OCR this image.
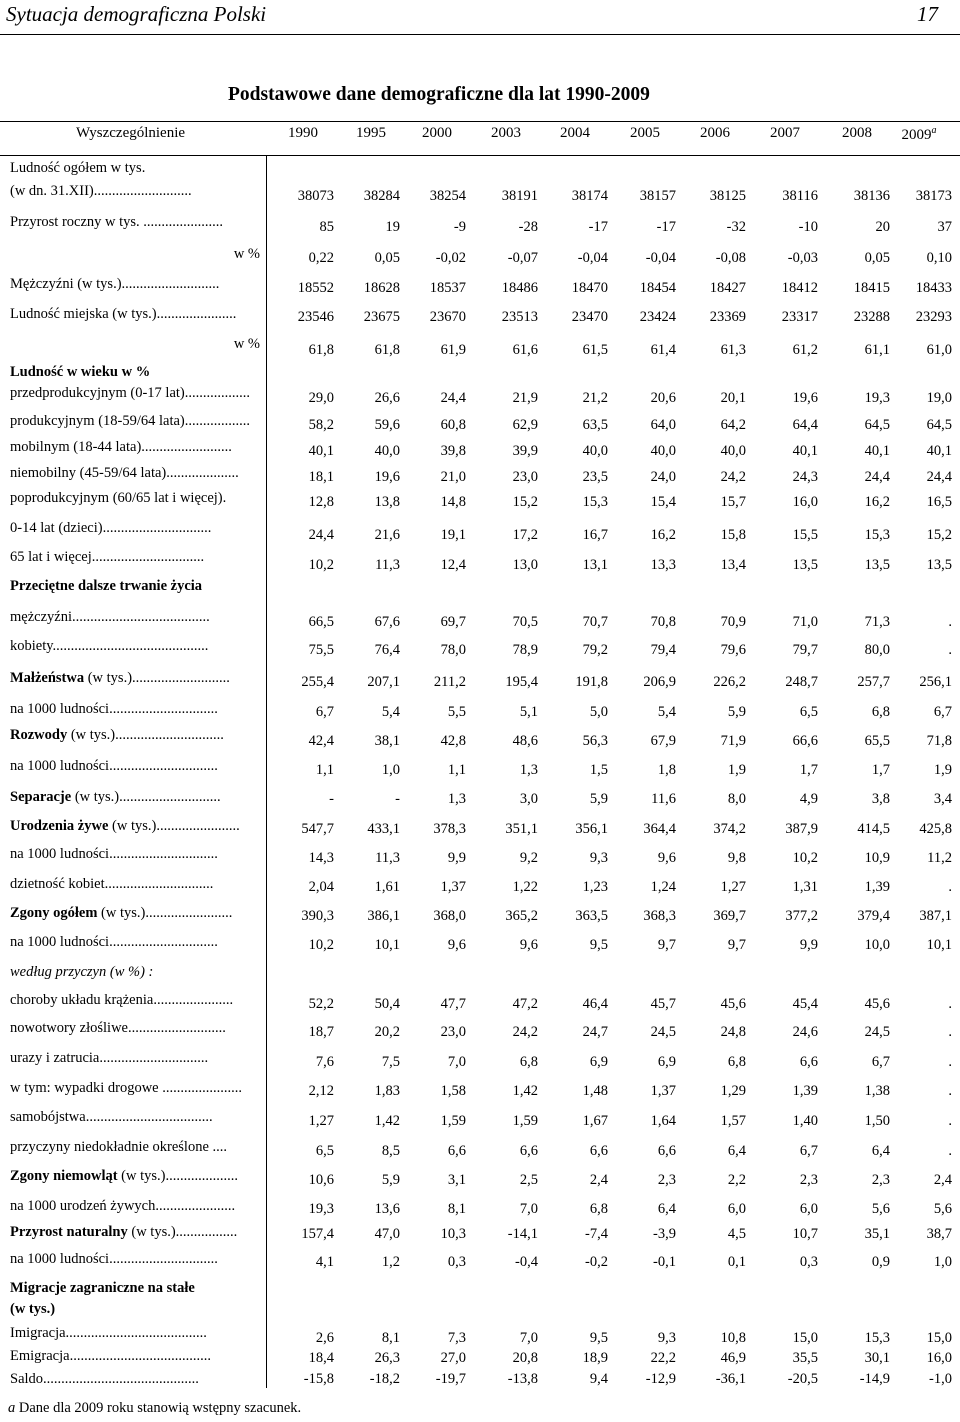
Sytuacja demograficzna Polski	17
Podstawowe dane demograficzne dla lat 1990-2009
Wyszczególnienie	1990	1995	2000	2003	2004	2005	2006	2007	2008	2009$^a$
Ludność ogółem w tys.
(w dn. 31.XII)...........................	38073	38284	38254	38191	38174	38157	38125	38116	38136	38173
Przyrost roczny w tys. ......................	85	19	-9	-28	-17	-17	-32	-10	20	37
w %	0,22	0,05	-0,02	-0,07	-0,04	-0,04	-0,08	-0,03	0,05	0,10
Mężczyźni (w tys.)...........................	18552	18628	18537	18486	18470	18454	18427	18412	18415	18433
Ludność miejska (w tys.)......................	23546	23675	23670	23513	23470	23424	23369	23317	23288	23293
w %	61,8	61,8	61,9	61,6	61,5	61,4	61,3	61,2	61,1	61,0
Ludność w wieku w %
przedprodukcyjnym (0-17 lat)..................	29,0	26,6	24,4	21,9	21,2	20,6	20,1	19,6	19,3	19,0
produkcyjnym (18-59/64 lata)..................	58,2	59,6	60,8	62,9	63,5	64,0	64,2	64,4	64,5	64,5
mobilnym (18-44 lata).........................	40,1	40,0	39,8	39,9	40,0	40,0	40,0	40,1	40,1	40,1
niemobilny (45-59/64 lata)....................	18,1	19,6	21,0	23,0	23,5	24,0	24,2	24,3	24,4	24,4
poprodukcyjnym (60/65 lat i więcej).	12,8	13,8	14,8	15,2	15,3	15,4	15,7	16,0	16,2	16,5
0-14 lat (dzieci)..............................	24,4	21,6	19,1	17,2	16,7	16,2	15,8	15,5	15,3	15,2
65 lat i więcej...............................	10,2	11,3	12,4	13,0	13,1	13,3	13,4	13,5	13,5	13,5
Przeciętne dalsze trwanie życia
mężczyźni......................................	66,5	67,6	69,7	70,5	70,7	70,8	70,9	71,0	71,3	.
kobiety...........................................	75,5	76,4	78,0	78,9	79,2	79,4	79,6	79,7	80,0	.
Małżeństwa (w tys.)...........................	255,4	207,1	211,2	195,4	191,8	206,9	226,2	248,7	257,7	256,1
na 1000 ludności..............................	6,7	5,4	5,5	5,1	5,0	5,4	5,9	6,5	6,8	6,7
Rozwody (w tys.)..............................	42,4	38,1	42,8	48,6	56,3	67,9	71,9	66,6	65,5	71,8
na 1000 ludności..............................	1,1	1,0	1,1	1,3	1,5	1,8	1,9	1,7	1,7	1,9
Separacje (w tys.)............................	-	-	1,3	3,0	5,9	11,6	8,0	4,9	3,8	3,4
Urodzenia żywe (w tys.).......................	547,7	433,1	378,3	351,1	356,1	364,4	374,2	387,9	414,5	425,8
na 1000 ludności..............................	14,3	11,3	9,9	9,2	9,3	9,6	9,8	10,2	10,9	11,2
dzietność kobiet..............................	2,04	1,61	1,37	1,22	1,23	1,24	1,27	1,31	1,39	.
Zgony ogółem (w tys.)........................	390,3	386,1	368,0	365,2	363,5	368,3	369,7	377,2	379,4	387,1
na 1000 ludności..............................	10,2	10,1	9,6	9,6	9,5	9,7	9,7	9,9	10,0	10,1
według przyczyn (w %) :
choroby układu krążenia......................	52,2	50,4	47,7	47,2	46,4	45,7	45,6	45,4	45,6	.
nowotwory złośliwe...........................	18,7	20,2	23,0	24,2	24,7	24,5	24,8	24,6	24,5	.
urazy i zatrucia..............................	7,6	7,5	7,0	6,8	6,9	6,9	6,8	6,6	6,7	.
w tym: wypadki drogowe ......................	2,12	1,83	1,58	1,42	1,48	1,37	1,29	1,39	1,38	.
samobójstwa...................................	1,27	1,42	1,59	1,59	1,67	1,64	1,57	1,40	1,50	.
przyczyny niedokładnie określone ....	6,5	8,5	6,6	6,6	6,6	6,6	6,4	6,7	6,4	.
Zgony niemowląt (w tys.)....................	10,6	5,9	3,1	2,5	2,4	2,3	2,2	2,3	2,3	2,4
na 1000 urodzeń żywych......................	19,3	13,6	8,1	7,0	6,8	6,4	6,0	6,0	5,6	5,6
Przyrost naturalny (w tys.).................	157,4	47,0	10,3	-14,1	-7,4	-3,9	4,5	10,7	35,1	38,7
na 1000 ludności..............................	4,1	1,2	0,3	-0,4	-0,2	-0,1	0,1	0,3	0,9	1,0
Migracje zagraniczne na stałe
(w tys.)
Imigracja.......................................	2,6	8,1	7,3	7,0	9,5	9,3	10,8	15,0	15,3	15,0
Emigracja.......................................	18,4	26,3	27,0	20,8	18,9	22,2	46,9	35,5	30,1	16,0
Saldo...........................................	-15,8	-18,2	-19,7	-13,8	9,4	-12,9	-36,1	-20,5	-14,9	-1,0
a Dane dla 2009 roku stanowią wstępny szacunek.
